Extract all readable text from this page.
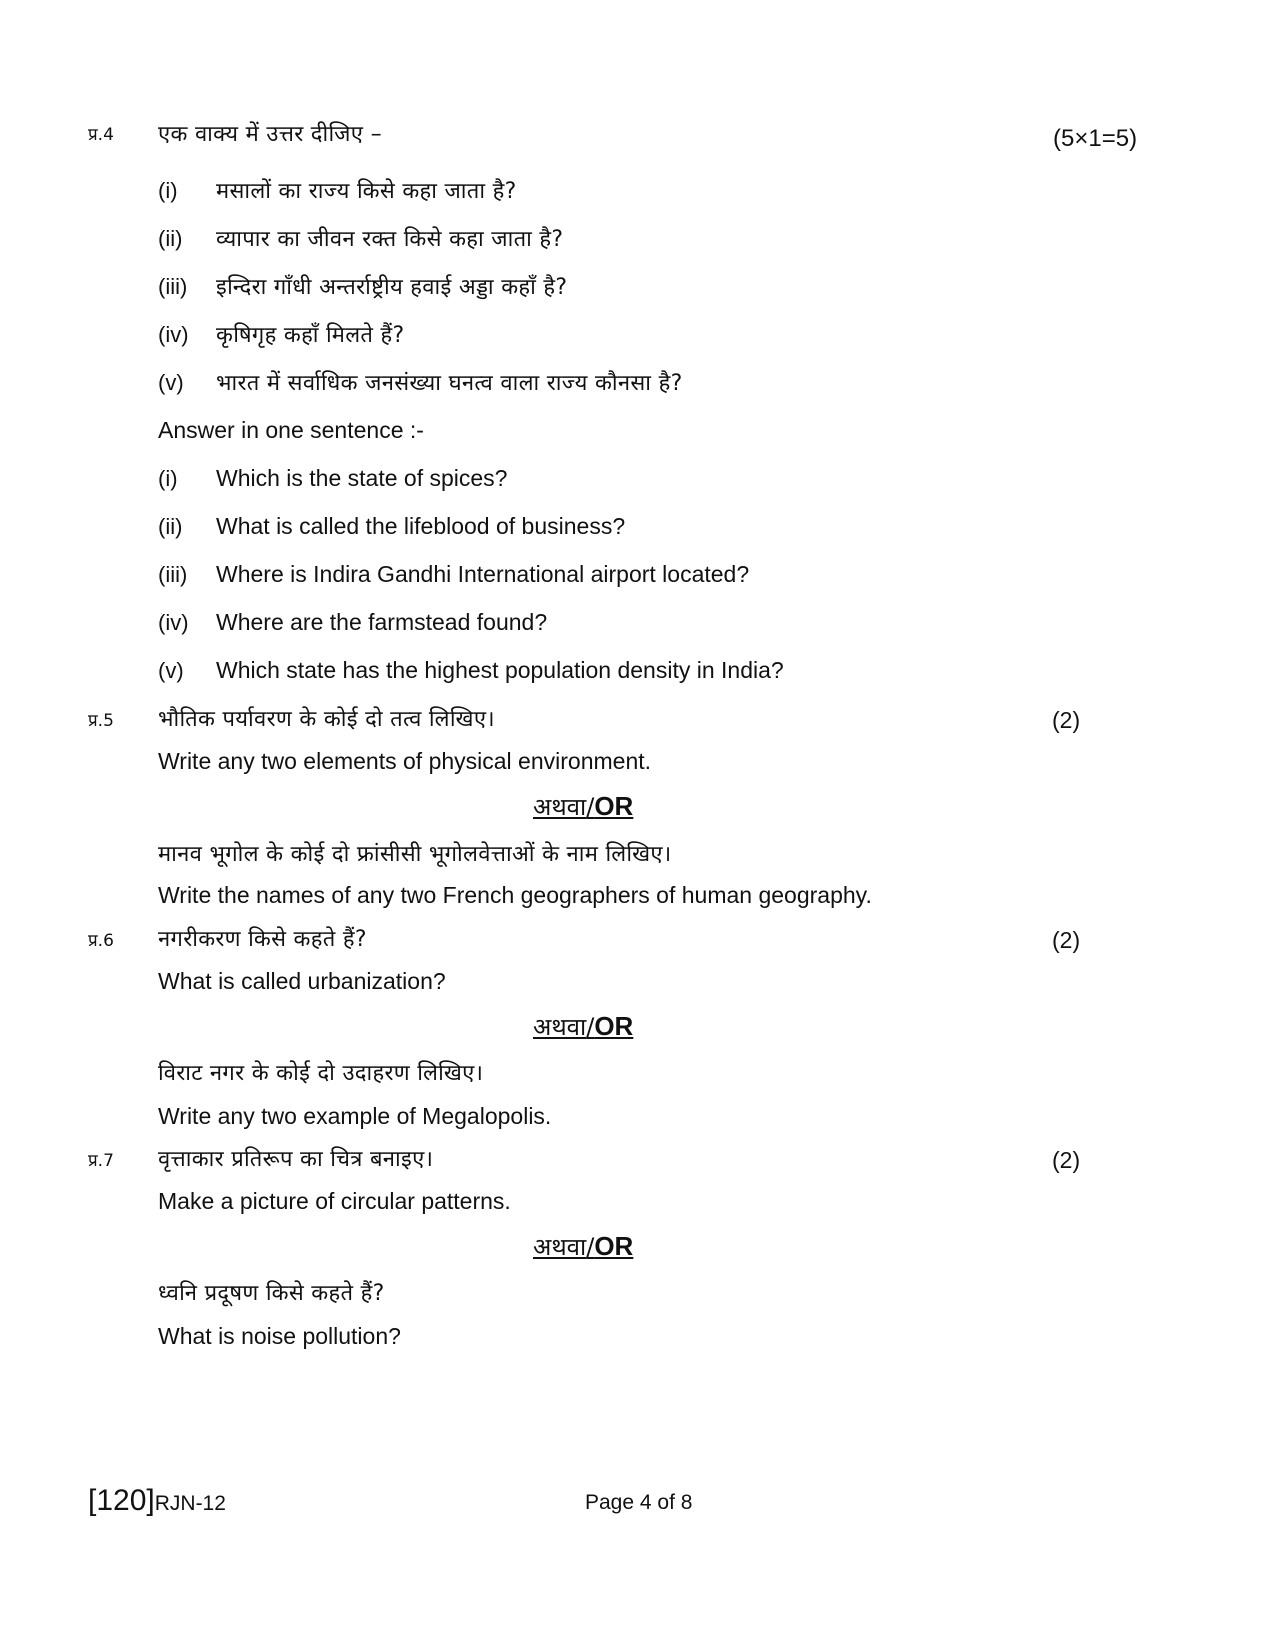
प्र.4 एक वाक्य में उत्तर दीजिए –	(5×1=5)
(i) मसालों का राज्य किसे कहा जाता है?
(ii) व्यापार का जीवन रक्त किसे कहा जाता है?
(iii) इन्दिरा गाँधी अन्तर्राष्ट्रीय हवाई अड्डा कहाँ है?
(iv) कृषिगृह कहाँ मिलते हैं?
(v) भारत में सर्वाधिक जनसंख्या घनत्व वाला राज्य कौनसा है?
Answer in one sentence :-
(i) Which is the state of spices?
(ii) What is called the lifeblood of business?
(iii) Where is Indira Gandhi International airport located?
(iv) Where are the farmstead found?
(v) Which state has the highest population density in India?
प्र.5 भौतिक पर्यावरण के कोई दो तत्व लिखिए।	(2)
Write any two elements of physical environment.
अथवा/OR
मानव भूगोल के कोई दो फ्रांसीसी भूगोलवेत्ताओं के नाम लिखिए।
Write the names of any two French geographers of human geography.
प्र.6 नगरीकरण किसे कहते हैं?	(2)
What is called urbanization?
अथवा/OR
विराट नगर के कोई दो उदाहरण लिखिए।
Write any two example of Megalopolis.
प्र.7 वृत्ताकार प्रतिरूप का चित्र बनाइए।	(2)
Make a picture of circular patterns.
अथवा/OR
ध्वनि प्रदूषण किसे कहते हैं?
What is noise pollution?
[120]RJN-12	Page 4 of 8
